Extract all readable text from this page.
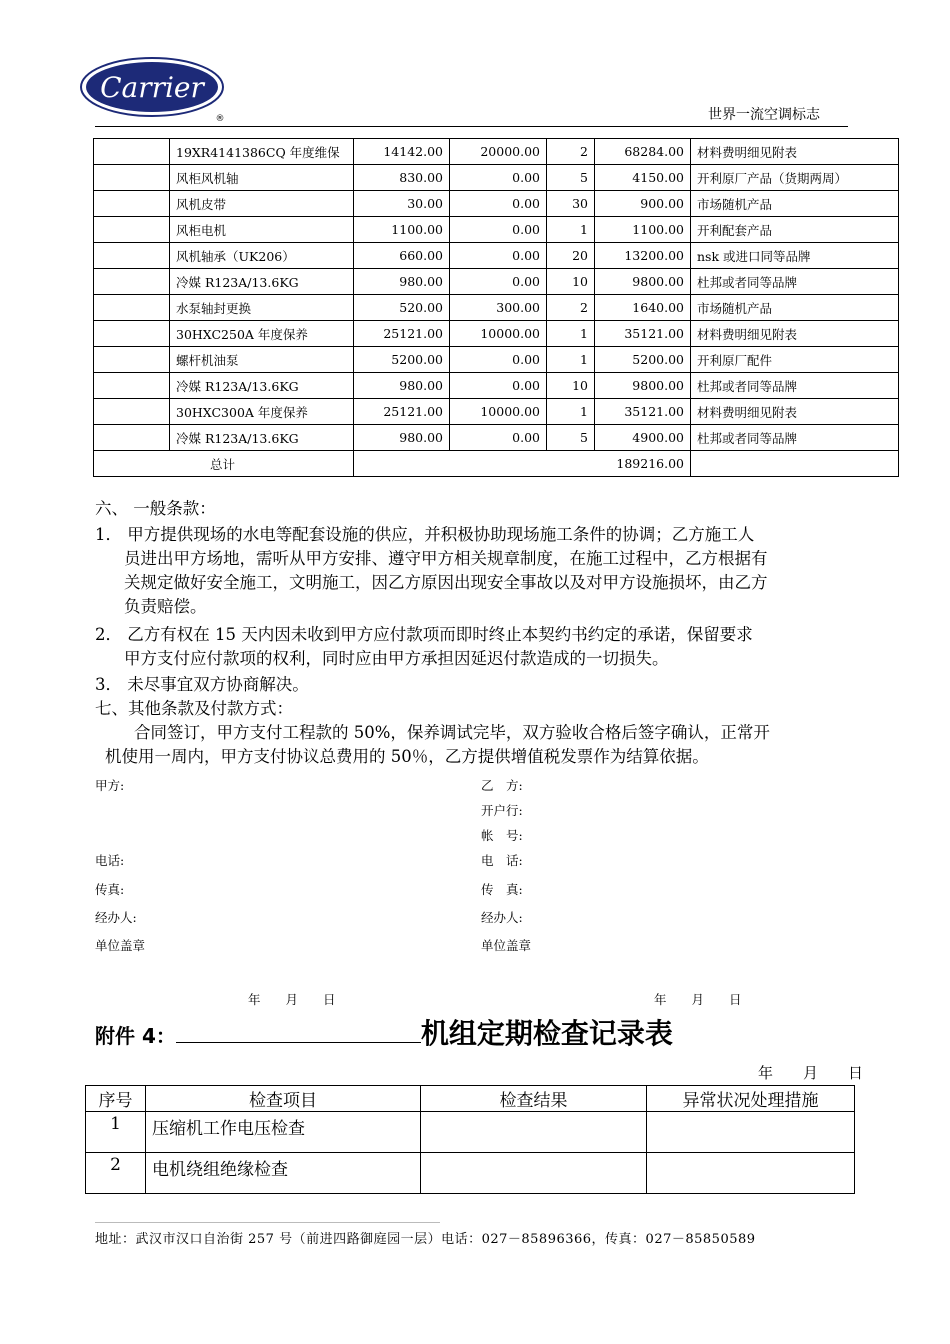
Carrier
®	世界一流空调标志
	19XR4141386CQ 年度维保	14142.00	20000.00	2	68284.00	材料费明细见附表
	风柜风机轴	830.00	0.00	5	4150.00	开利原厂产品（货期两周）
	风机皮带	30.00	0.00	30	900.00	市场随机产品
	风柜电机	1100.00	0.00	1	1100.00	开利配套产品
	风机轴承（UK206）	660.00	0.00	20	13200.00	nsk 或进口同等品牌
	冷媒 R123A/13.6KG	980.00	0.00	10	9800.00	杜邦或者同等品牌
	水泵轴封更换	520.00	300.00	2	1640.00	市场随机产品
	30HXC250A 年度保养	25121.00	10000.00	1	35121.00	材料费明细见附表
	螺杆机油泵	5200.00	0.00	1	5200.00	开利原厂配件
	冷媒 R123A/13.6KG	980.00	0.00	10	9800.00	杜邦或者同等品牌
	30HXC300A 年度保养	25121.00	10000.00	1	35121.00	材料费明细见附表
	冷媒 R123A/13.6KG	980.00	0.00	5	4900.00	杜邦或者同等品牌
总计		189216.00				
六、 一般条款：
1． 甲方提供现场的水电等配套设施的供应，并积极协助现场施工条件的协调；乙方施工人
员进出甲方场地，需听从甲方安排、遵守甲方相关规章制度，在施工过程中，乙方根据有
关规定做好安全施工，文明施工，因乙方原因出现安全事故以及对甲方设施损坏，由乙方
负责赔偿。
2． 乙方有权在 15 天内因未收到甲方应付款项而即时终止本契约书约定的承诺，保留要求
甲方支付应付款项的权利，同时应由甲方承担因延迟付款造成的一切损失。
3． 未尽事宜双方协商解决。
七、其他条款及付款方式：
合同签订，甲方支付工程款的 50%，保养调试完毕，双方验收合格后签字确认，正常开
机使用一周内，甲方支付协议总费用的 50％，乙方提供增值税发票作为结算依据。
甲方:	乙　方:
开户行:
帐　号:
电话:	电　话:
传真:	传　真:
经办人:	经办人:
单位盖章	单位盖章
年　　月　　日	年　　月　　日
附件 4：	机组定期检查记录表
年　　月　　日
序号	检查项目	检查结果	异常状况处理措施
1	压缩机工作电压检查		
2	电机绕组绝缘检查		
地址：武汉市汉口自治街 257 号（前进四路御庭园一层）电话：027－85896366，传真：027－85850589
